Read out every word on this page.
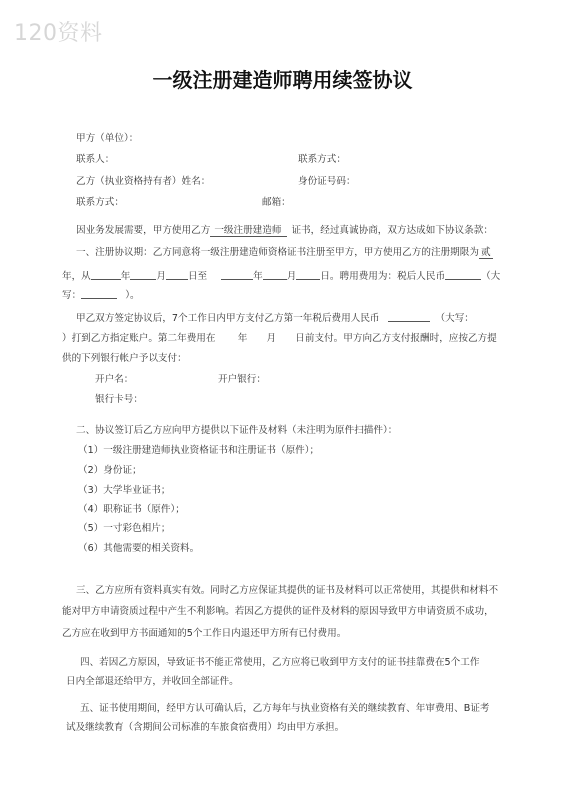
120资料
一级注册建造师聘用续签协议
甲方（单位）：
联系人：	联系方式：
乙方（执业资格持有者）姓名：	身份证号码：
联系方式：	邮箱：
因业务发展需要，甲方使用乙方 一级注册建造师 证书，经过真诚协商，双方达成如下协议条款：
一、注册协议期：乙方同意将一级注册建造师资格证书注册至甲方，甲方使用乙方的注册期限为 贰
年，从	年	月 日至	年	月	日。聘用费用为：税后人民币	（大
写：	）。
甲乙双方签定协议后，7个工作日内甲方支付乙方第一年税后费用人民币	（大写：
）打到乙方指定账户。第二年费用在　　 年　　月　　日前支付。甲方向乙方支付报酬时，应按乙方提
供的下列银行帐户予以支付：
开户名：	开户银行：
银行卡号：
二、协议签订后乙方应向甲方提供以下证件及材料（未注明为原件扫描件）：
（1）一级注册建造师执业资格证书和注册证书（原件）；
（2）身份证；
（3）大学毕业证书；
（4）职称证书（原件）；
（5）一寸彩色相片；
（6）其他需要的相关资料。
三、乙方应所有资料真实有效。同时乙方应保证其提供的证书及材料可以正常使用，其提供和材料不
能对甲方申请资质过程中产生不利影响。若因乙方提供的证件及材料的原因导致甲方申请资质不成功，
乙方应在收到甲方书面通知的5个工作日内退还甲方所有已付费用。
四、若因乙方原因，导致证书不能正常使用，乙方应将已收到甲方支付的证书挂靠费在5个工作
日内全部退还给甲方，并收回全部证件。
五、证书使用期间，经甲方认可确认后，乙方每年与执业资格有关的继续教育、年审费用、B证考
试及继续教育（含期间公司标准的车旅食宿费用）均由甲方承担。
